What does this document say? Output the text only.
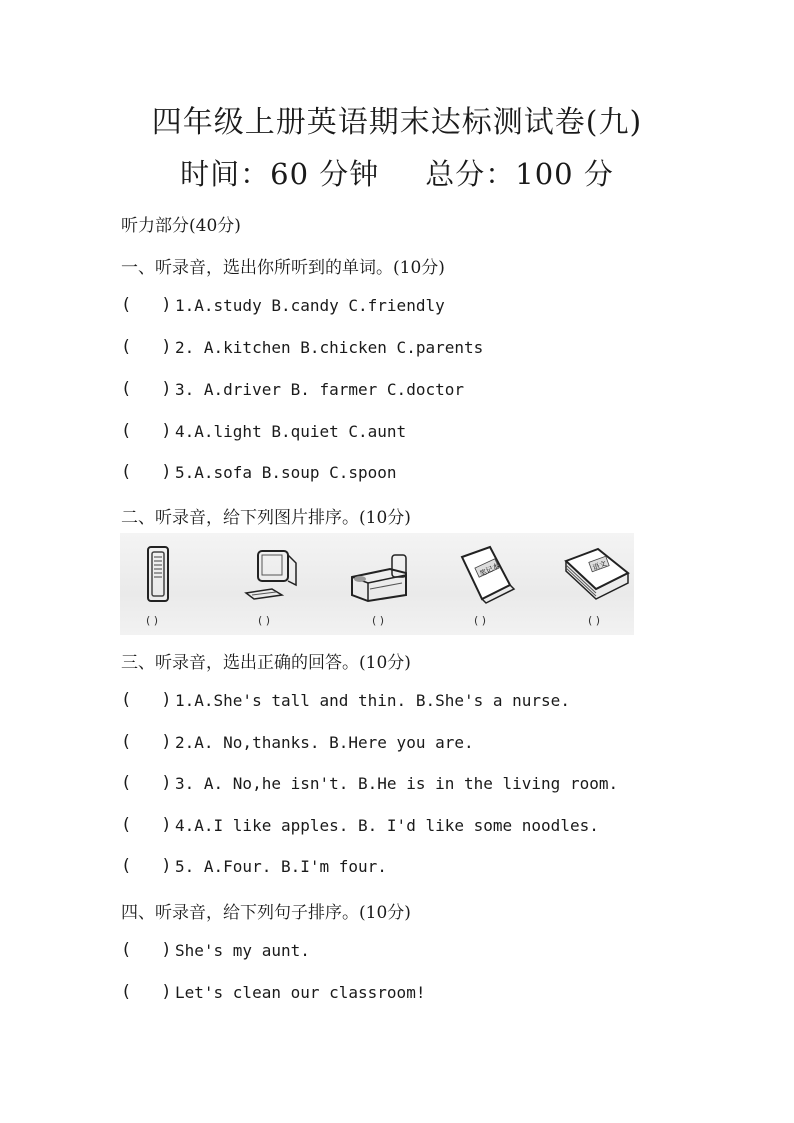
四年级上册英语期末达标测试卷(九)
时间：60 分钟 总分：100 分
听力部分(40分)
一、听录音，选出你所听到的单词。(10分)
( ) 1.A.study B.candy C.friendly
( ) 2. A.kitchen B.chicken C.parents
( ) 3. A.driver B. farmer C.doctor
( ) 4.A.light B.quiet C.aunt
( ) 5.A.sofa B.soup C.spoon
二、听录音，给下列图片排序。(10分)
( )	( )	( )
笔记本
( )
语文
( )
三、听录音，选出正确的回答。(10分)
( ) 1.A.She's tall and thin. B.She's a nurse.
( ) 2.A. No,thanks. B.Here you are.
( ) 3. A. No,he isn't. B.He is in the living room.
( ) 4.A.I like apples. B. I'd like some noodles.
( ) 5. A.Four. B.I'm four.
四、听录音，给下列句子排序。(10分)
( ) She's my aunt.
( ) Let's clean our classroom!
